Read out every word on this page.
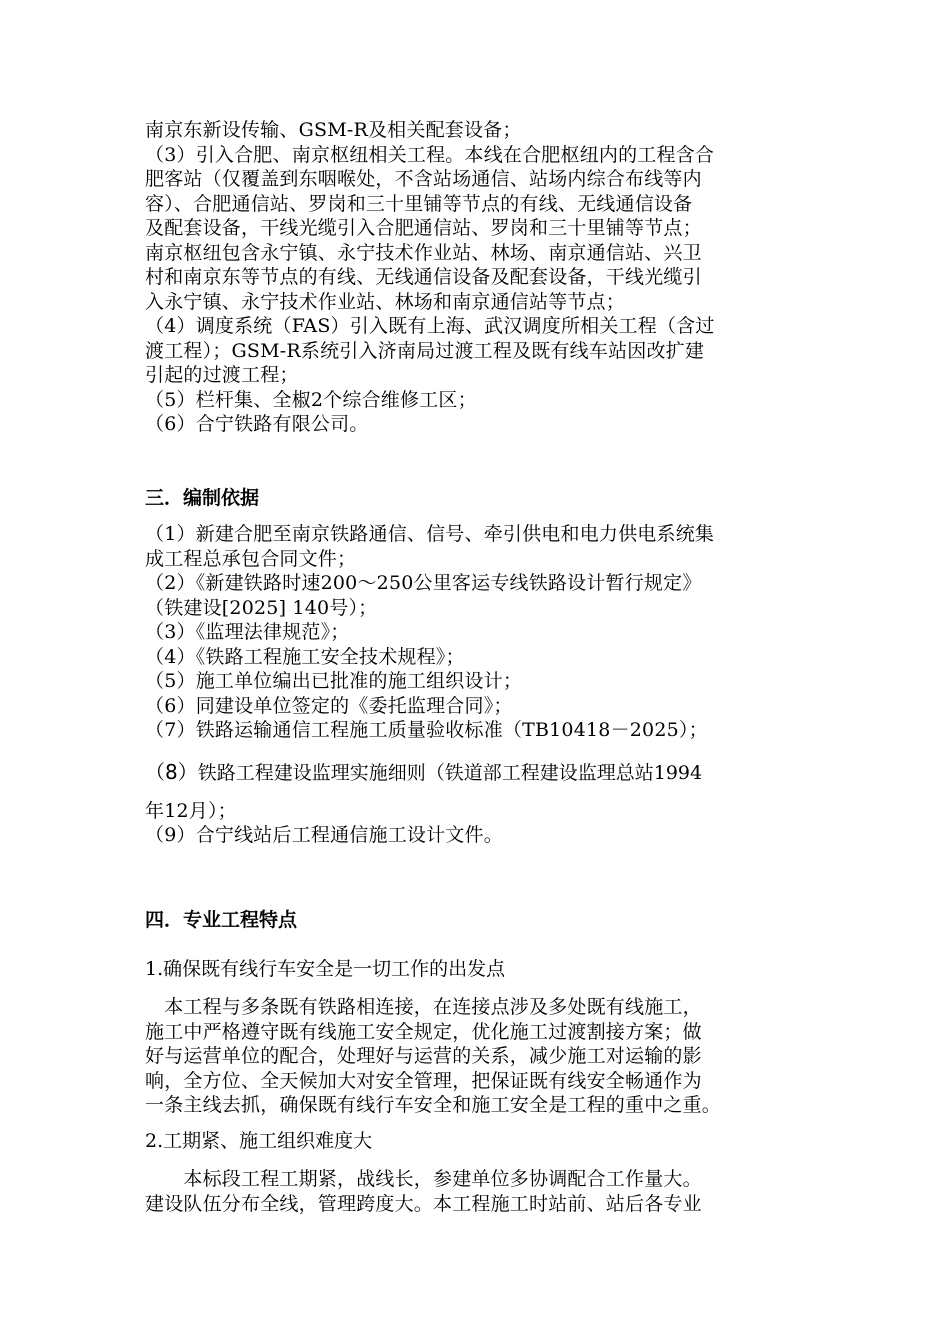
南京东新设传输、GSM-R及相关配套设备；
（3）引入合肥、南京枢纽相关工程。本线在合肥枢纽内的工程含合
肥客站（仅覆盖到东咽喉处，不含站场通信、站场内综合布线等内
容）、合肥通信站、罗岗和三十里铺等节点的有线、无线通信设备
及配套设备，干线光缆引入合肥通信站、罗岗和三十里铺等节点；
南京枢纽包含永宁镇、永宁技术作业站、林场、南京通信站、兴卫
村和南京东等节点的有线、无线通信设备及配套设备，干线光缆引
入永宁镇、永宁技术作业站、林场和南京通信站等节点；
（4）调度系统（FAS）引入既有上海、武汉调度所相关工程（含过
渡工程）；GSM-R系统引入济南局过渡工程及既有线车站因改扩建
引起的过渡工程；
（5）栏杆集、全椒2个综合维修工区；
（6）合宁铁路有限公司。
三．编制依据
（1）新建合肥至南京铁路通信、信号、牵引供电和电力供电系统集
成工程总承包合同文件；
（2）《新建铁路时速200～250公里客运专线铁路设计暂行规定》
（铁建设[2025] 140号）；
（3）《监理法律规范》；
（4）《铁路工程施工安全技术规程》；
（5）施工单位编出已批准的施工组织设计；
（6）同建设单位签定的《委托监理合同》；
（7）铁路运输通信工程施工质量验收标准（TB10418－2025）；
（8）铁路工程建设监理实施细则（铁道部工程建设监理总站1994
年12月）；
（9）合宁线站后工程通信施工设计文件。
四．专业工程特点
1.确保既有线行车安全是一切工作的出发点
　本工程与多条既有铁路相连接，在连接点涉及多处既有线施工，
施工中严格遵守既有线施工安全规定，优化施工过渡割接方案；做
好与运营单位的配合，处理好与运营的关系，减少施工对运输的影
响，全方位、全天候加大对安全管理，把保证既有线安全畅通作为
一条主线去抓，确保既有线行车安全和施工安全是工程的重中之重。
2.工期紧、施工组织难度大
　　本标段工程工期紧，战线长，参建单位多协调配合工作量大。
建设队伍分布全线，管理跨度大。本工程施工时站前、站后各专业
